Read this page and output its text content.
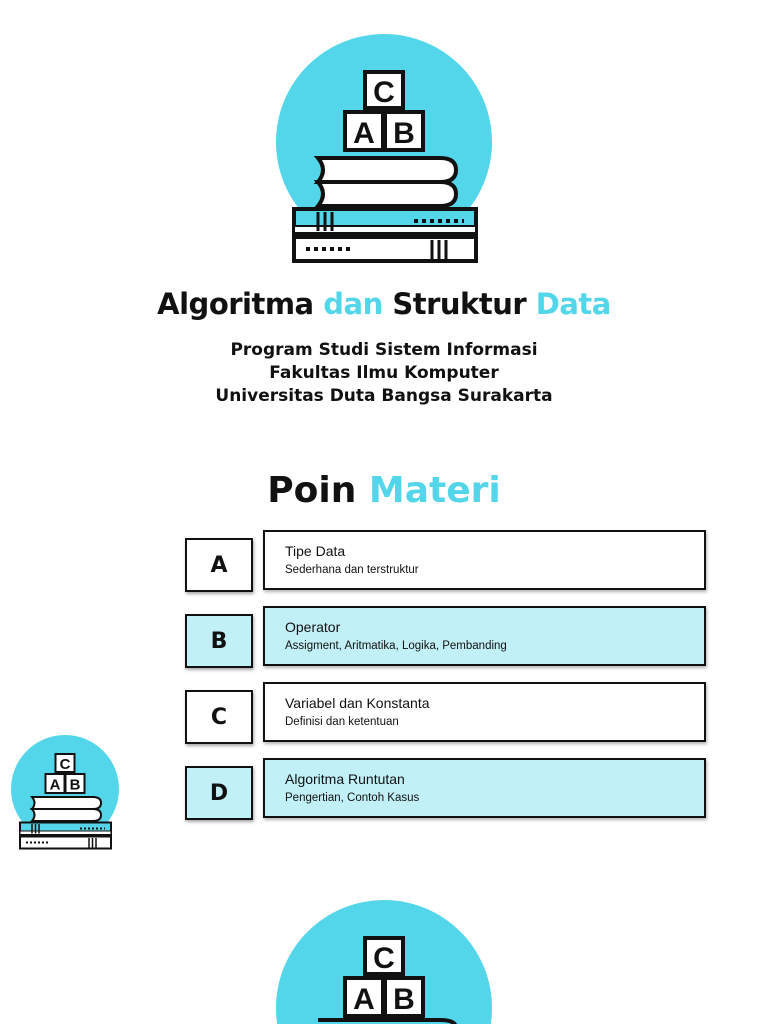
C
A B
Algoritma dan Struktur Data
Program Studi Sistem Informasi
Fakultas Ilmu Komputer
Universitas Duta Bangsa Surakarta
Poin Materi
A
Tipe Data
Sederhana dan terstruktur
B
Operator
Assigment, Aritmatika, Logika, Pembanding
C
Variabel dan Konstanta
Definisi dan ketentuan
D
Algoritma Runtutan
Pengertian, Contoh Kasus
C
A B
C
A B
